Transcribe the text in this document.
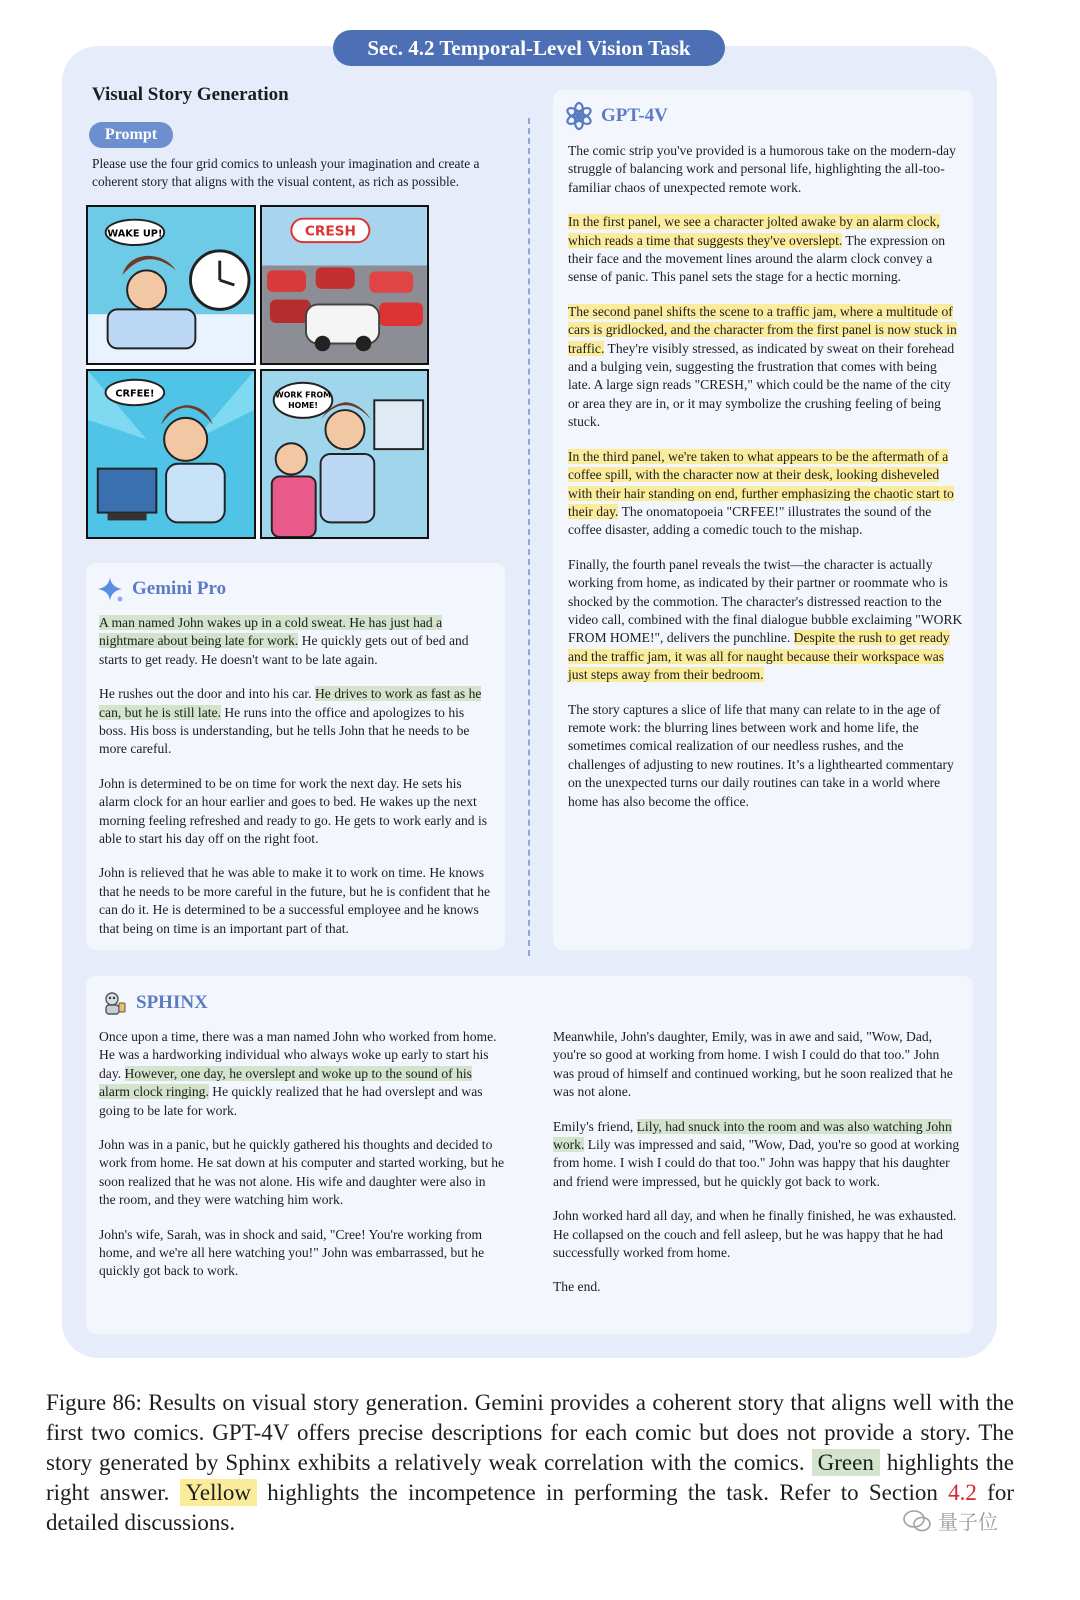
Sec. 4.2 Temporal-Level Vision Task
Visual Story Generation
Prompt

Please use the four grid comics to unleash your imagination and create a coherent story that aligns with the visual content, as rich as possible.

WAKE UP!	CRESH
CRFEE!	WORK FROM
HOME!
Gemini Pro

A man named John wakes up in a cold sweat. He has just had a nightmare about being late for work. He quickly gets out of bed and starts to get ready. He doesn't want to be late again.

He rushes out the door and into his car. He drives to work as fast as he can, but he is still late. He runs into the office and apologizes to his boss. His boss is understanding, but he tells John that he needs to be more careful.

John is determined to be on time for work the next day. He sets his alarm clock for an hour earlier and goes to bed. He wakes up the next morning feeling refreshed and ready to go. He gets to work early and is able to start his day off on the right foot.

John is relieved that he was able to make it to work on time. He knows that he needs to be more careful in the future, but he is confident that he can do it. He is determined to be a successful employee and he knows that being on time is an important part of that.

GPT-4V

The comic strip you've provided is a humorous take on the modern-day struggle of balancing work and personal life, highlighting the all-too-familiar chaos of unexpected remote work.

In the first panel, we see a character jolted awake by an alarm clock, which reads a time that suggests they've overslept. The expression on their face and the movement lines around the alarm clock convey a sense of panic. This panel sets the stage for a hectic morning.

The second panel shifts the scene to a traffic jam, where a multitude of cars is gridlocked, and the character from the first panel is now stuck in traffic. They're visibly stressed, as indicated by sweat on their forehead and a bulging vein, suggesting the frustration that comes with being late. A large sign reads "CRESH," which could be the name of the city or area they are in, or it may symbolize the crushing feeling of being stuck.

In the third panel, we're taken to what appears to be the aftermath of a coffee spill, with the character now at their desk, looking disheveled with their hair standing on end, further emphasizing the chaotic start to their day. The onomatopoeia "CRFEE!" illustrates the sound of the coffee disaster, adding a comedic touch to the mishap.

Finally, the fourth panel reveals the twist—the character is actually working from home, as indicated by their partner or roommate who is shocked by the commotion. The character's distressed reaction to the video call, combined with the final dialogue bubble exclaiming "WORK FROM HOME!", delivers the punchline. Despite the rush to get ready and the traffic jam, it was all for naught because their workspace was just steps away from their bedroom.

The story captures a slice of life that many can relate to in the age of remote work: the blurring lines between work and home life, the sometimes comical realization of our needless rushes, and the challenges of adjusting to new routines. It’s a lighthearted commentary on the unexpected turns our daily routines can take in a world where home has also become the office.

SPHINX

Once upon a time, there was a man named John who worked from home. He was a hardworking individual who always woke up early to start his day. However, one day, he overslept and woke up to the sound of his alarm clock ringing. He quickly realized that he had overslept and was going to be late for work.

John was in a panic, but he quickly gathered his thoughts and decided to work from home. He sat down at his computer and started working, but he soon realized that he was not alone. His wife and daughter were also in the room, and they were watching him work.

John's wife, Sarah, was in shock and said, "Cree! You're working from home, and we're all here watching you!" John was embarrassed, but he quickly got back to work.

Meanwhile, John's daughter, Emily, was in awe and said, "Wow, Dad, you're so good at working from home. I wish I could do that too." John was proud of himself and continued working, but he soon realized that he was not alone.

Emily's friend, Lily, had snuck into the room and was also watching John work. Lily was impressed and said, "Wow, Dad, you're so good at working from home. I wish I could do that too." John was happy that his daughter and friend were impressed, but he quickly got back to work.

John worked hard all day, and when he finally finished, he was exhausted. He collapsed on the couch and fell asleep, but he was happy that he had successfully worked from home.

The end.

Figure 86: Results on visual story generation. Gemini provides a coherent story that aligns well with the first two comics. GPT-4V offers precise descriptions for each comic but does not provide a story. The story generated by Sphinx exhibits a relatively weak correlation with the comics. Green highlights the right answer. Yellow highlights the incompetence in performing the task. Refer to Section 4.2 for detailed discussions.	量子位
